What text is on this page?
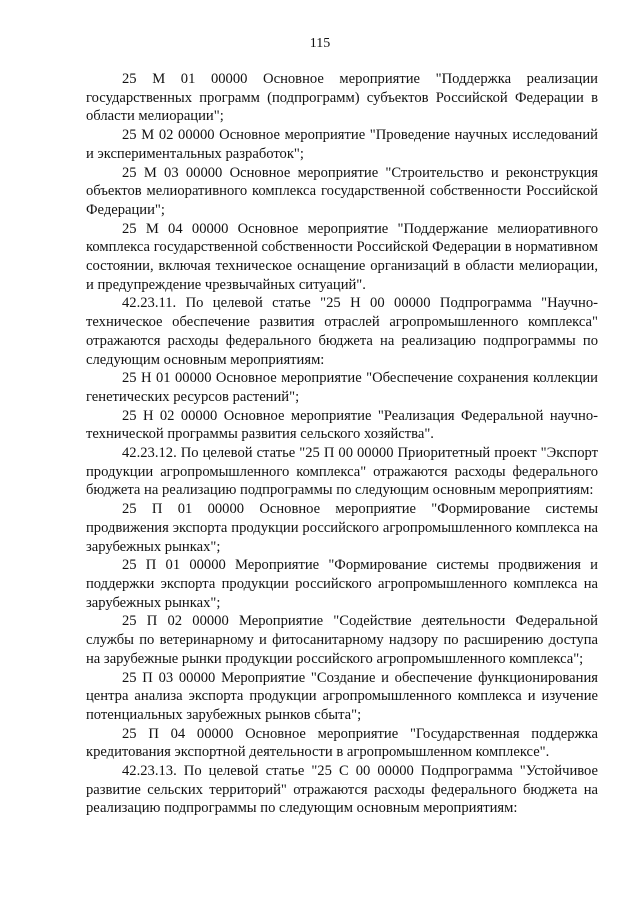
115

25 М 01 00000 Основное мероприятие "Поддержка реализации государственных программ (подпрограмм) субъектов Российской Федерации в области мелиорации";

25 М 02 00000 Основное мероприятие "Проведение научных исследований и экспериментальных разработок";

25 М 03 00000 Основное мероприятие "Строительство и реконструкция объектов мелиоративного комплекса государственной собственности Российской Федерации";

25 М 04 00000 Основное мероприятие "Поддержание мелиоративного комплекса государственной собственности Российской Федерации в нормативном состоянии, включая техническое оснащение организаций в области мелиорации, и предупреждение чрезвычайных ситуаций".

42.23.11. По целевой статье "25 Н 00 00000 Подпрограмма "Научно-техническое обеспечение развития отраслей агропромышленного комплекса" отражаются расходы федерального бюджета на реализацию подпрограммы по следующим основным мероприятиям:

25 Н 01 00000 Основное мероприятие "Обеспечение сохранения коллекции генетических ресурсов растений";

25 Н 02 00000 Основное мероприятие "Реализация Федеральной научно-технической программы развития сельского хозяйства".

42.23.12. По целевой статье "25 П 00 00000 Приоритетный проект "Экспорт продукции агропромышленного комплекса" отражаются расходы федерального бюджета на реализацию подпрограммы по следующим основным мероприятиям:

25 П 01 00000 Основное мероприятие "Формирование системы продвижения экспорта продукции российского агропромышленного комплекса на зарубежных рынках";

25 П 01 00000 Мероприятие "Формирование системы продвижения и поддержки экспорта продукции российского агропромышленного комплекса на зарубежных рынках";

25 П 02 00000 Мероприятие "Содействие деятельности Федеральной службы по ветеринарному и фитосанитарному надзору по расширению доступа на зарубежные рынки продукции российского агропромышленного комплекса";

25 П 03 00000 Мероприятие "Создание и обеспечение функционирования центра анализа экспорта продукции агропромышленного комплекса и изучение потенциальных зарубежных рынков сбыта";

25 П 04 00000 Основное мероприятие "Государственная поддержка кредитования экспортной деятельности в агропромышленном комплексе".

42.23.13. По целевой статье "25 С 00 00000 Подпрограмма "Устойчивое развитие сельских территорий" отражаются расходы федерального бюджета на реализацию подпрограммы по следующим основным мероприятиям:
